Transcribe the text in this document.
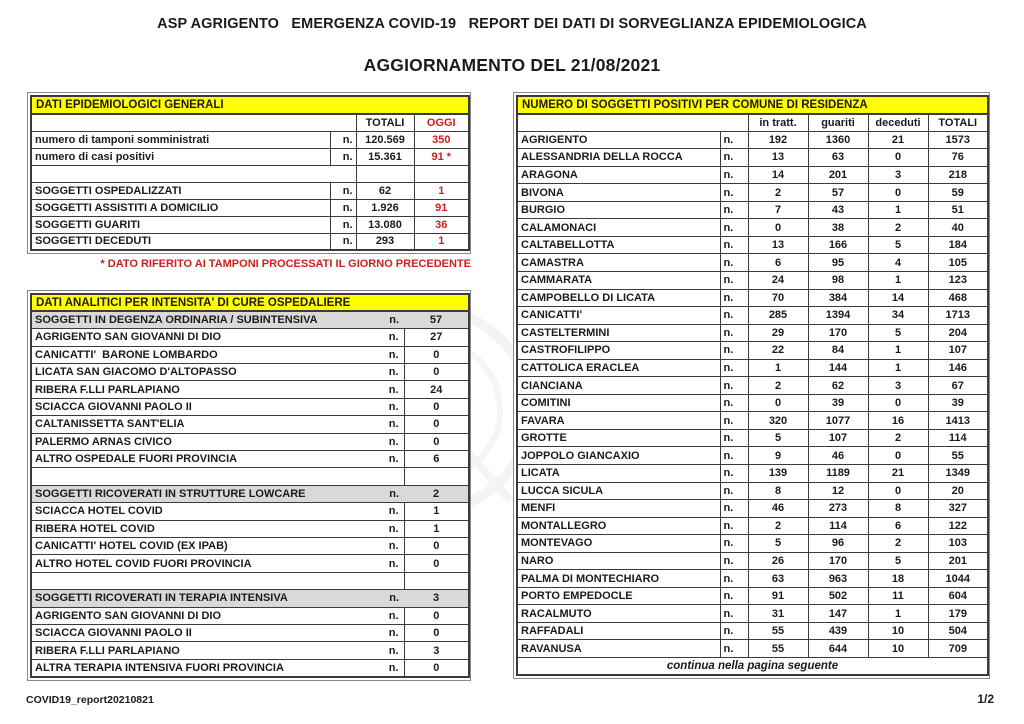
ASP AGRIGENTO   EMERGENZA COVID-19   REPORT DEI DATI DI SORVEGLIANZA EPIDEMIOLOGICA
AGGIORNAMENTO DEL 21/08/2021
DATI EPIDEMIOLOGICI GENERALI			
		TOTALI	OGGI
numero di tamponi somministrati	n.	120.569	350
numero di casi positivi	n.	15.361	91 *

SOGGETTI OSPEDALIZZATI	n.	62	1
SOGGETTI ASSISTITI A DOMICILIO	n.	1.926	91
SOGGETTI GUARITI	n.	13.080	36
SOGGETTI DECEDUTI	n.	293	1
* DATO RIFERITO AI TAMPONI PROCESSATI IL GIORNO PRECEDENTE
DATI ANALITICI PER INTENSITA' DI CURE OSPEDALIERE		
SOGGETTI IN DEGENZA ORDINARIA / SUBINTENSIVA	n.	57
AGRIGENTO SAN GIOVANNI DI DIO	n.	27
CANICATTI'  BARONE LOMBARDO	n.	0
LICATA SAN GIACOMO D'ALTOPASSO	n.	0
RIBERA F.LLI PARLAPIANO	n.	24
SCIACCA GIOVANNI PAOLO II	n.	0
CALTANISSETTA SANT'ELIA	n.	0
PALERMO ARNAS CIVICO	n.	0
ALTRO OSPEDALE FUORI PROVINCIA	n.	6

SOGGETTI RICOVERATI IN STRUTTURE LOWCARE	n.	2
SCIACCA HOTEL COVID	n.	1
RIBERA HOTEL COVID	n.	1
CANICATTI' HOTEL COVID (EX IPAB)	n.	0
ALTRO HOTEL COVID FUORI PROVINCIA	n.	0

SOGGETTI RICOVERATI IN TERAPIA INTENSIVA	n.	3
AGRIGENTO SAN GIOVANNI DI DIO	n.	0
SCIACCA GIOVANNI PAOLO II	n.	0
RIBERA F.LLI PARLAPIANO	n.	3
ALTRA TERAPIA INTENSIVA FUORI PROVINCIA	n.	0
NUMERO DI SOGGETTI POSITIVI PER COMUNE DI RESIDENZA					
		in tratt.	guariti	deceduti	TOTALI
AGRIGENTO	n.	192	1360	21	1573
ALESSANDRIA DELLA ROCCA	n.	13	63	0	76
ARAGONA	n.	14	201	3	218
BIVONA	n.	2	57	0	59
BURGIO	n.	7	43	1	51
CALAMONACI	n.	0	38	2	40
CALTABELLOTTA	n.	13	166	5	184
CAMASTRA	n.	6	95	4	105
CAMMARATA	n.	24	98	1	123
CAMPOBELLO DI LICATA	n.	70	384	14	468
CANICATTI'	n.	285	1394	34	1713
CASTELTERMINI	n.	29	170	5	204
CASTROFILIPPO	n.	22	84	1	107
CATTOLICA ERACLEA	n.	1	144	1	146
CIANCIANA	n.	2	62	3	67
COMITINI	n.	0	39	0	39
FAVARA	n.	320	1077	16	1413
GROTTE	n.	5	107	2	114
JOPPOLO GIANCAXIO	n.	9	46	0	55
LICATA	n.	139	1189	21	1349
LUCCA SICULA	n.	8	12	0	20
MENFI	n.	46	273	8	327
MONTALLEGRO	n.	2	114	6	122
MONTEVAGO	n.	5	96	2	103
NARO	n.	26	170	5	201
PALMA DI MONTECHIARO	n.	63	963	18	1044
PORTO EMPEDOCLE	n.	91	502	11	604
RACALMUTO	n.	31	147	1	179
RAFFADALI	n.	55	439	10	504
RAVANUSA	n.	55	644	10	709
continua nella pagina seguente					
COVID19_report20210821	1/2
